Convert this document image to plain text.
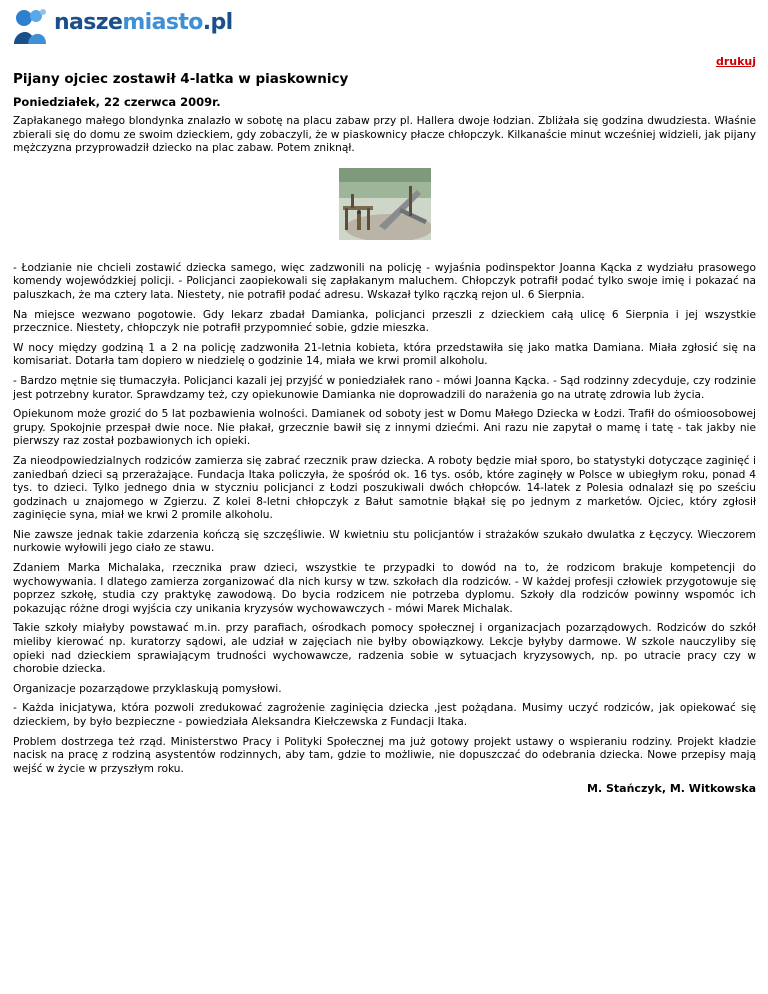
naszemiasto.pl
drukuj
Pijany ojciec zostawił 4-latka w piaskownicy
Poniedziałek, 22 czerwca 2009r.

Zapłakanego małego blondynka znalazło w sobotę na placu zabaw przy pl. Hallera dwoje łodzian. Zbliżała się godzina dwudziesta. Właśnie zbierali się do domu ze swoim dzieckiem, gdy zobaczyli, że w piaskownicy płacze chłopczyk. Kilkanaście minut wcześniej widzieli, jak pijany mężczyzna przyprowadził dziecko na plac zabaw. Potem zniknął.

- Łodzianie nie chcieli zostawić dziecka samego, więc zadzwonili na policję - wyjaśnia podinspektor Joanna Kącka z wydziału prasowego komendy wojewódzkiej policji. - Policjanci zaopiekowali się zapłakanym maluchem. Chłopczyk potrafił podać tylko swoje imię i pokazać na paluszkach, że ma cztery lata. Niestety, nie potrafił podać adresu. Wskazał tylko rączką rejon ul. 6 Sierpnia.

Na miejsce wezwano pogotowie. Gdy lekarz zbadał Damianka, policjanci przeszli z dzieckiem całą ulicę 6 Sierpnia i jej wszystkie przecznice. Niestety, chłopczyk nie potrafił przypomnieć sobie, gdzie mieszka.

W nocy między godziną 1 a 2 na policję zadzwoniła 21-letnia kobieta, która przedstawiła się jako matka Damiana. Miała zgłosić się na komisariat. Dotarła tam dopiero w niedzielę o godzinie 14, miała we krwi promil alkoholu.

- Bardzo mętnie się tłumaczyła. Policjanci kazali jej przyjść w poniedziałek rano - mówi Joanna Kącka. - Sąd rodzinny zdecyduje, czy rodzinie jest potrzebny kurator. Sprawdzamy też, czy opiekunowie Damianka nie doprowadzili do narażenia go na utratę zdrowia lub życia.

Opiekunom może grozić do 5 lat pozbawienia wolności. Damianek od soboty jest w Domu Małego Dziecka w Łodzi. Trafił do ośmioosobowej grupy. Spokojnie przespał dwie noce. Nie płakał, grzecznie bawił się z innymi dziećmi. Ani razu nie zapytał o mamę i tatę - tak jakby nie pierwszy raz został pozbawionych ich opieki.

Za nieodpowiedzialnych rodziców zamierza się zabrać rzecznik praw dziecka. A roboty będzie miał sporo, bo statystyki dotyczące zaginięć i zaniedbań dzieci są przerażające. Fundacja Itaka policzyła, że spośród ok. 16 tys. osób, które zaginęły w Polsce w ubiegłym roku, ponad 4 tys. to dzieci. Tylko jednego dnia w styczniu policjanci z Łodzi poszukiwali dwóch chłopców. 14-latek z Polesia odnalazł się po sześciu godzinach u znajomego w Zgierzu. Z kolei 8-letni chłopczyk z Bałut samotnie błąkał się po jednym z marketów. Ojciec, który zgłosił zaginięcie syna, miał we krwi 2 promile alkoholu.

Nie zawsze jednak takie zdarzenia kończą się szczęśliwie. W kwietniu stu policjantów i strażaków szukało dwulatka z Łęczycy. Wieczorem nurkowie wyłowili jego ciało ze stawu.

Zdaniem Marka Michalaka, rzecznika praw dzieci, wszystkie te przypadki to dowód na to, że rodzicom brakuje kompetencji do wychowywania. I dlatego zamierza zorganizować dla nich kursy w tzw. szkołach dla rodziców. - W każdej profesji człowiek przygotowuje się poprzez szkołę, studia czy praktykę zawodową. Do bycia rodzicem nie potrzeba dyplomu. Szkoły dla rodziców powinny wspomóc ich pokazując różne drogi wyjścia czy unikania kryzysów wychowawczych - mówi Marek Michalak.

Takie szkoły miałyby powstawać m.in. przy parafiach, ośrodkach pomocy społecznej i organizacjach pozarządowych. Rodziców do szkół mieliby kierować np. kuratorzy sądowi, ale udział w zajęciach nie byłby obowiązkowy. Lekcje byłyby darmowe. W szkole nauczyliby się opieki nad dzieckiem sprawiającym trudności wychowawcze, radzenia sobie w sytuacjach kryzysowych, np. po utracie pracy czy w chorobie dziecka.

Organizacje pozarządowe przyklaskują pomysłowi.

- Każda inicjatywa, która pozwoli zredukować zagrożenie zaginięcia dziecka ,jest pożądana. Musimy uczyć rodziców, jak opiekować się dzieckiem, by było bezpieczne - powiedziała Aleksandra Kiełczewska z Fundacji Itaka.

Problem dostrzega też rząd. Ministerstwo Pracy i Polityki Społecznej ma już gotowy projekt ustawy o wspieraniu rodziny. Projekt kładzie nacisk na pracę z rodziną asystentów rodzinnych, aby tam, gdzie to możliwie, nie dopuszczać do odebrania dziecka. Nowe przepisy mają wejść w życie w przyszłym roku.

M. Stańczyk, M. Witkowska
